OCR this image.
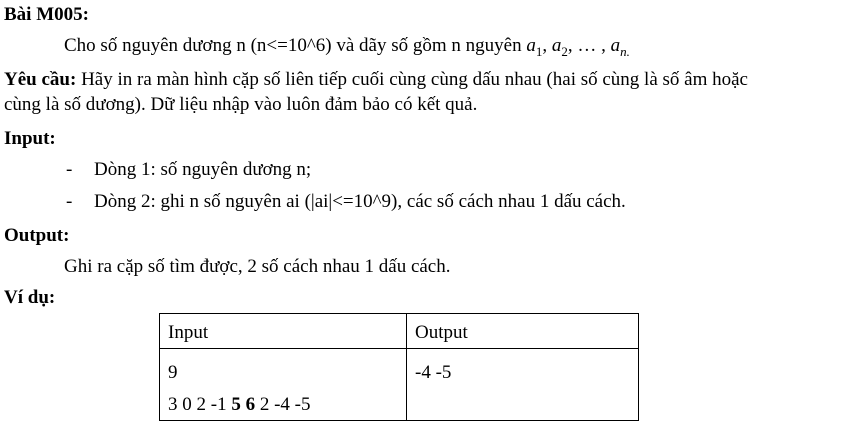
Bài M005:
Cho số nguyên dương n (n<=10^6) và dãy số gồm n nguyên $a_1$, $a_2$, … , $a_{n.}$
Yêu cầu: Hãy in ra màn hình cặp số liên tiếp cuối cùng cùng dấu nhau (hai số cùng là số âm hoặc
cùng là số dương). Dữ liệu nhập vào luôn đảm bảo có kết quả.
Input:
- Dòng 1: số nguyên dương n;
- Dòng 2: ghi n số nguyên ai (|ai|<=10^9), các số cách nhau 1 dấu cách.
Output:
Ghi ra cặp số tìm được, 2 số cách nhau 1 dấu cách.
Ví dụ:
Input	Output

9
3 0 2 -1 5 6 2 -4 -5	-4 -5
